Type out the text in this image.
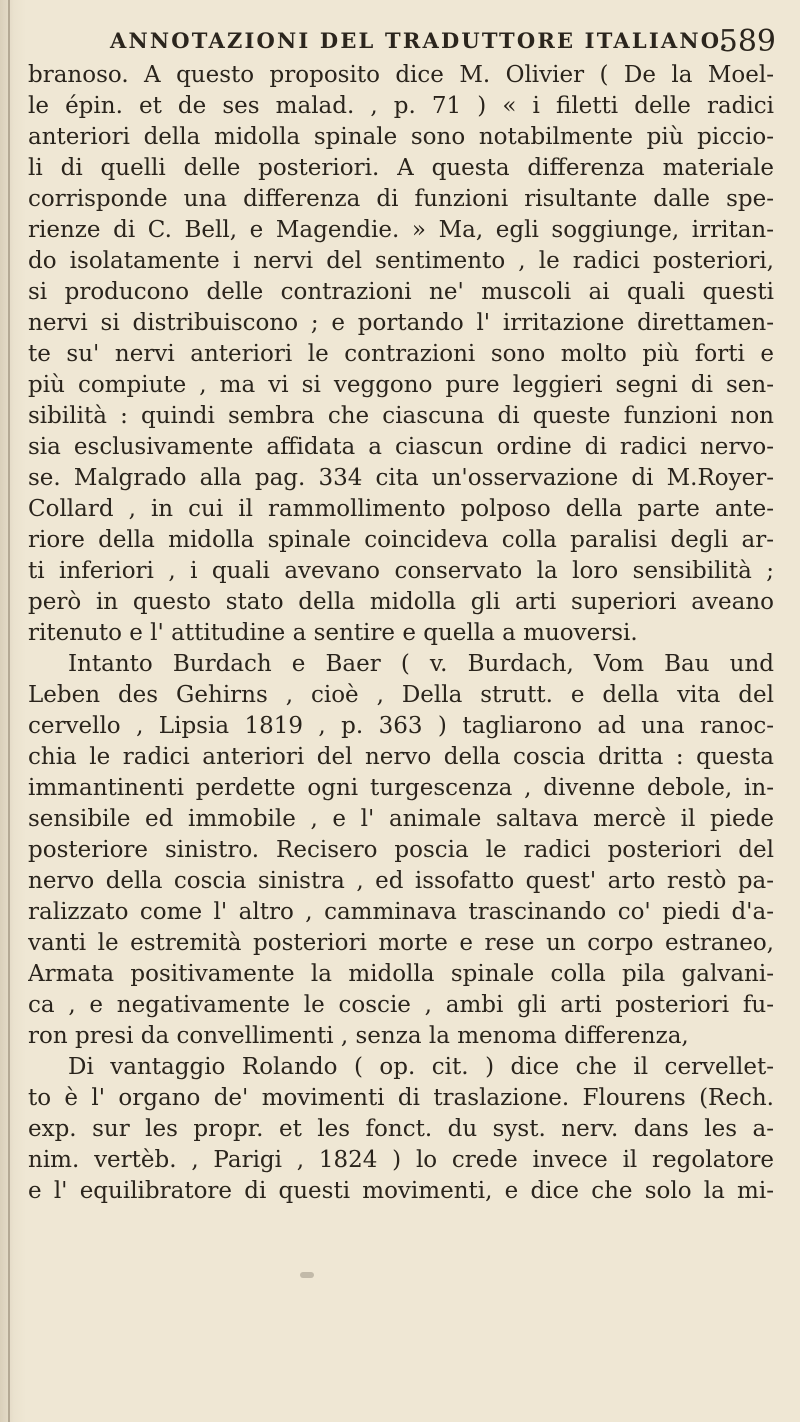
ANNOTAZIONI DEL TRADUTTORE ITALIANO.
589
branoso. A questo proposito dice M. Olivier ( De la Moel-
le épin. et de ses malad. , p. 71 ) « i filetti delle radici
anteriori della midolla spinale sono notabilmente più piccio-
li di quelli delle posteriori. A questa differenza materiale
corrisponde una differenza di funzioni risultante dalle spe-
rienze di C. Bell, e Magendie. » Ma, egli soggiunge, irritan-
do isolatamente i nervi del sentimento , le radici posteriori,
si producono delle contrazioni ne' muscoli ai quali questi
nervi si distribuiscono ; e portando l' irritazione direttamen-
te su' nervi anteriori le contrazioni sono molto più forti e
più compiute , ma vi si veggono pure leggieri segni di sen-
sibilità : quindi sembra che ciascuna di queste funzioni non
sia esclusivamente affidata a ciascun ordine di radici nervo-
se. Malgrado alla pag. 334 cita un'osservazione di M.Royer-
Collard , in cui il rammollimento polposo della parte ante-
riore della midolla spinale coincideva colla paralisi degli ar-
ti inferiori , i quali avevano conservato la loro sensibilità ;
però in questo stato della midolla gli arti superiori aveano
ritenuto e l' attitudine a sentire e quella a muoversi.
Intanto Burdach e Baer ( v. Burdach, Vom Bau und
Leben des Gehirns , cioè , Della strutt. e della vita del
cervello , Lipsia 1819 , p. 363 ) tagliarono ad una ranoc-
chia le radici anteriori del nervo della coscia dritta : questa
immantinenti perdette ogni turgescenza , divenne debole, in-
sensibile ed immobile , e l' animale saltava mercè il piede
posteriore sinistro. Recisero poscia le radici posteriori del
nervo della coscia sinistra , ed issofatto quest' arto restò pa-
ralizzato come l' altro , camminava trascinando co' piedi d'a-
vanti le estremità posteriori morte e rese un corpo estraneo,
Armata positivamente la midolla spinale colla pila galvani-
ca , e negativamente le coscie , ambi gli arti posteriori fu-
ron presi da convellimenti , senza la menoma differenza,
Di vantaggio Rolando ( op. cit. ) dice che il cervellet-
to è l' organo de' movimenti di traslazione. Flourens (Rech.
exp. sur les propr. et les fonct. du syst. nerv. dans les a-
nim. vertèb. , Parigi , 1824 ) lo crede invece il regolatore
e l' equilibratore di questi movimenti, e dice che solo la mi-
